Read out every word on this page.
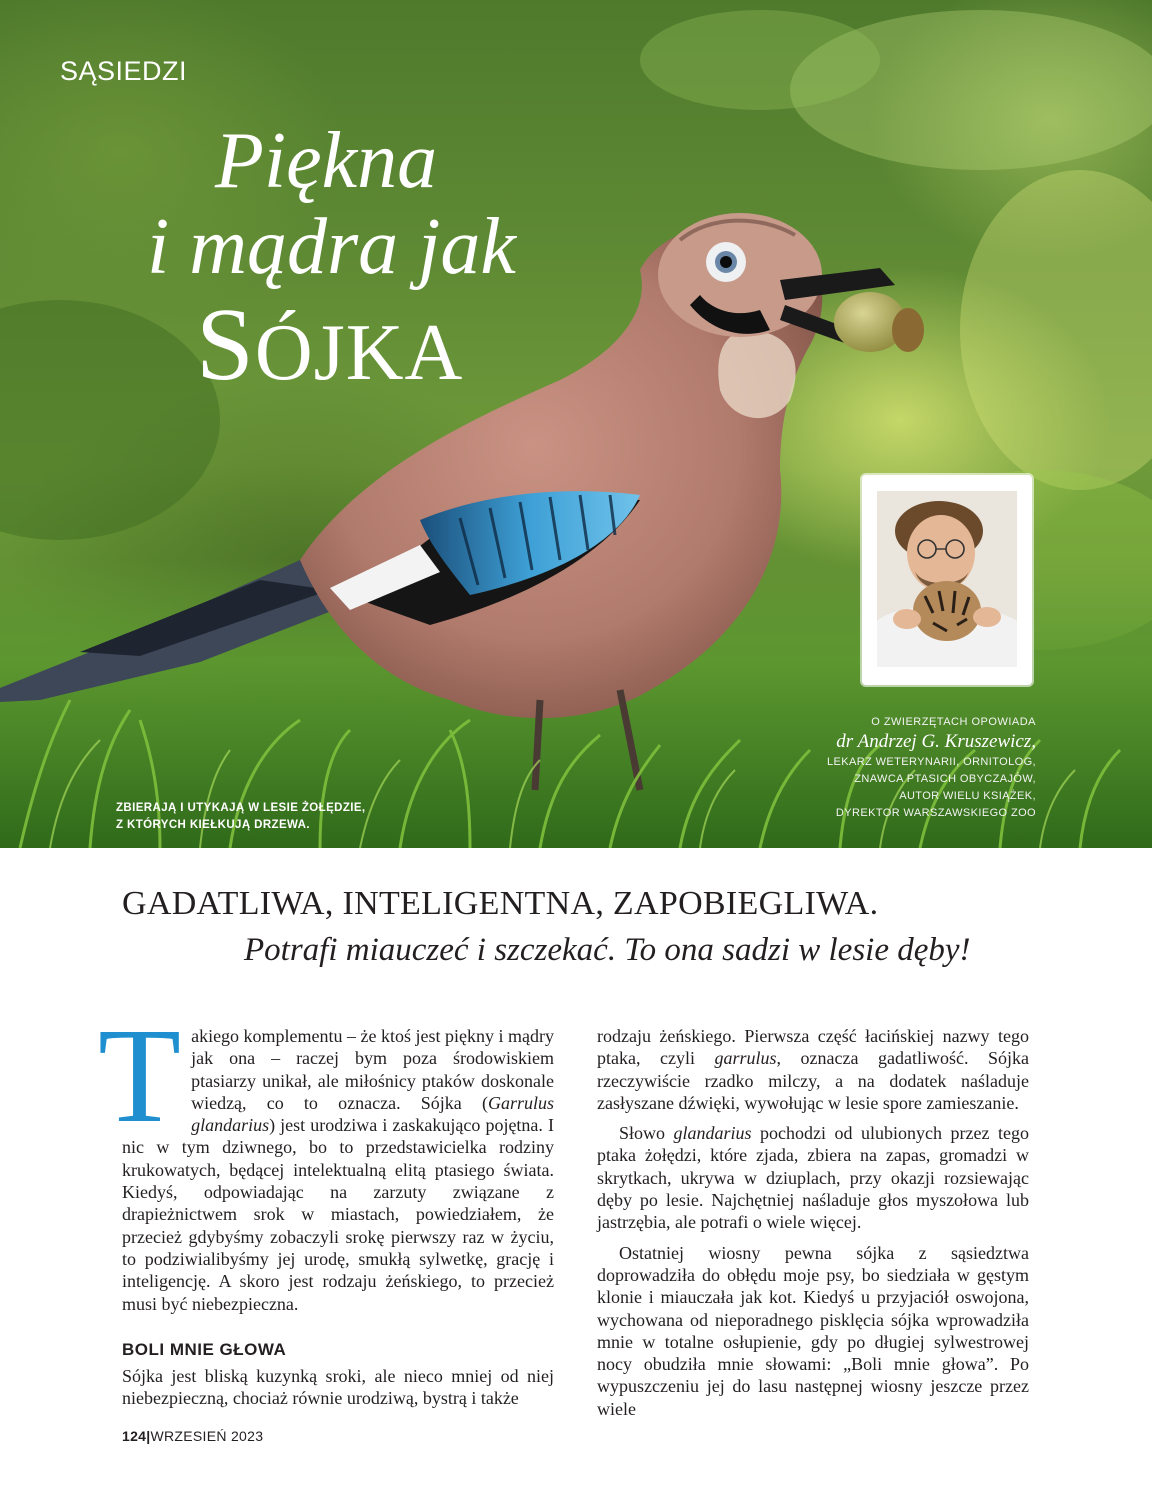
SĄSIEDZI
Piękna
i mądra jak
SÓJKA
ZBIERAJĄ I UTYKAJĄ W LESIE ŻOŁĘDZIE,
Z KTÓRYCH KIEŁKUJĄ DRZEWA.
O ZWIERZĘTACH OPOWIADA
dr Andrzej G. Kruszewicz,
LEKARZ WETERYNARII, ORNITOLOG,
ZNAWCA PTASICH OBYCZAJÓW,
AUTOR WIELU KSIĄŻEK,
DYREKTOR WARSZAWSKIEGO ZOO
GADATLIWA, INTELIGENTNA, ZAPOBIEGLIWA.
Potrafi miauczeć i szczekać. To ona sadzi w lesie dęby!

Takiego komplementu – że ktoś jest piękny i mądry jak ona – raczej bym poza środowiskiem ptasiarzy unikał, ale miłośnicy ptaków doskonale wiedzą, co to oznacza. Sójka (Garrulus glandarius) jest urodziwa i zaskakująco pojętna. I nic w tym dziwnego, bo to przedstawicielka rodziny krukowatych, będącej intelektualną elitą ptasiego świata. Kiedyś, odpowiadając na zarzuty związane z drapieżnictwem srok w miastach, powiedziałem, że przecież gdybyśmy zobaczyli srokę pierwszy raz w życiu, to podziwialibyśmy jej urodę, smukłą sylwetkę, grację i inteligencję. A skoro jest rodzaju żeńskiego, to przecież musi być niebezpieczna.

BOLI MNIE GŁOWA

Sójka jest bliską kuzynką sroki, ale nieco mniej od niej niebezpieczną, chociaż równie urodziwą, bystrą i także

rodzaju żeńskiego. Pierwsza część łacińskiej nazwy tego ptaka, czyli garrulus, oznacza gadatliwość. Sójka rzeczywiście rzadko milczy, a na dodatek naśladuje zasłyszane dźwięki, wywołując w lesie spore zamieszanie.

Słowo glandarius pochodzi od ulubionych przez tego ptaka żołędzi, które zjada, zbiera na zapas, gromadzi w skrytkach, ukrywa w dziuplach, przy okazji rozsiewając dęby po lesie. Najchętniej naśladuje głos myszołowa lub jastrzębia, ale potrafi o wiele więcej.

Ostatniej wiosny pewna sójka z sąsiedztwa doprowadziła do obłędu moje psy, bo siedziała w gęstym klonie i miauczała jak kot. Kiedyś u przyjaciół oswojona, wychowana od nieporadnego pisklęcia sójka wprowadziła mnie w totalne osłupienie, gdy po długiej sylwestrowej nocy obudziła mnie słowami: „Boli mnie głowa”. Po wypuszczeniu jej do lasu następnej wiosny jeszcze przez wiele

124|WRZESIEŃ 2023
